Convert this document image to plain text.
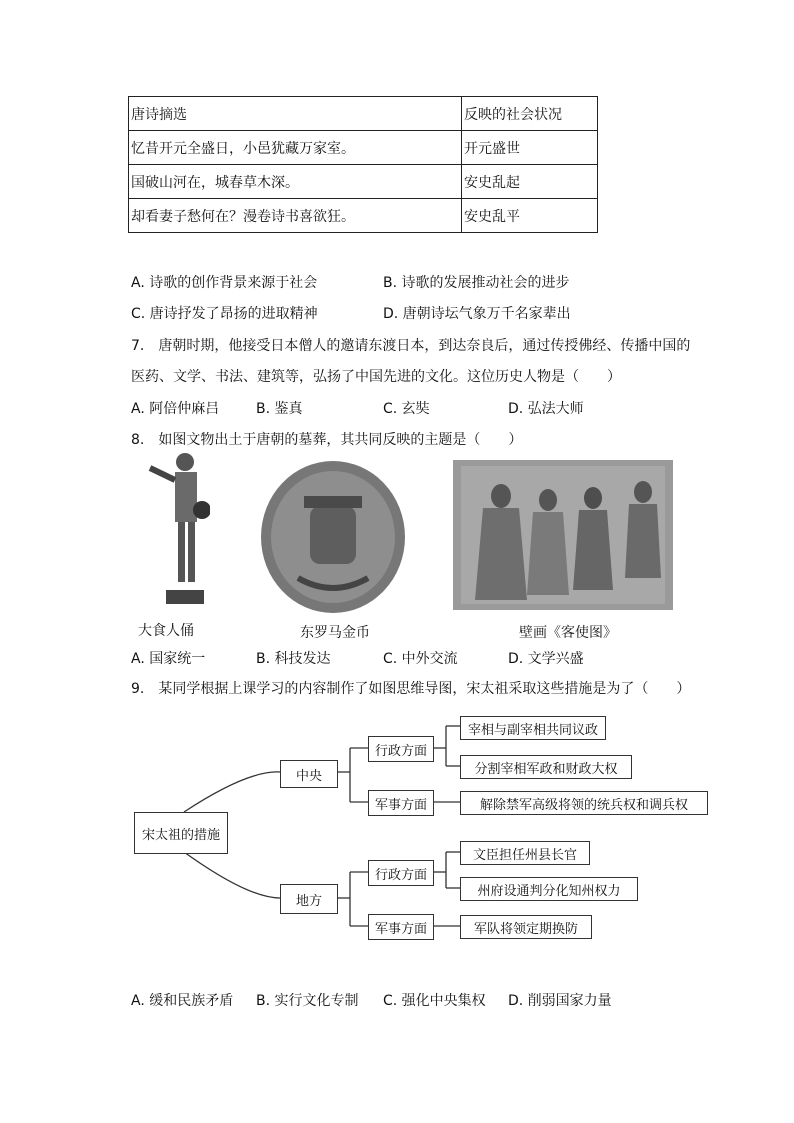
唐诗摘选	反映的社会状况
忆昔开元全盛日，小邑犹藏万家室。	开元盛世
国破山河在，城春草木深。	安史乱起
却看妻子愁何在？漫卷诗书喜欲狂。	安史乱平
A. 诗歌的创作背景来源于社会	B. 诗歌的发展推动社会的进步
C. 唐诗抒发了昂扬的进取精神	D. 唐朝诗坛气象万千名家辈出
7.　唐朝时期，他接受日本僧人的邀请东渡日本，到达奈良后，通过传授佛经、传播中国的
医药、文学、书法、建筑等，弘扬了中国先进的文化。这位历史人物是（　　）
A. 阿倍仲麻吕	B. 鉴真	C. 玄奘	D. 弘法大师
8.　如图文物出土于唐朝的墓葬，其共同反映的主题是（　　）
大食人俑	东罗马金币	壁画《客使图》
A. 国家统一	B. 科技发达	C. 中外交流	D. 文学兴盛
9.　某同学根据上课学习的内容制作了如图思维导图，宋太祖采取这些措施是为了（　　）
宋太祖的措施
中央
地方
行政方面
军事方面
行政方面
军事方面
宰相与副宰相共同议政
分割宰相军政和财政大权
解除禁军高级将领的统兵权和调兵权
文臣担任州县长官
州府设通判分化知州权力
军队将领定期换防
A. 缓和民族矛盾 B. 实行文化专制 C. 强化中央集权 D. 削弱国家力量
